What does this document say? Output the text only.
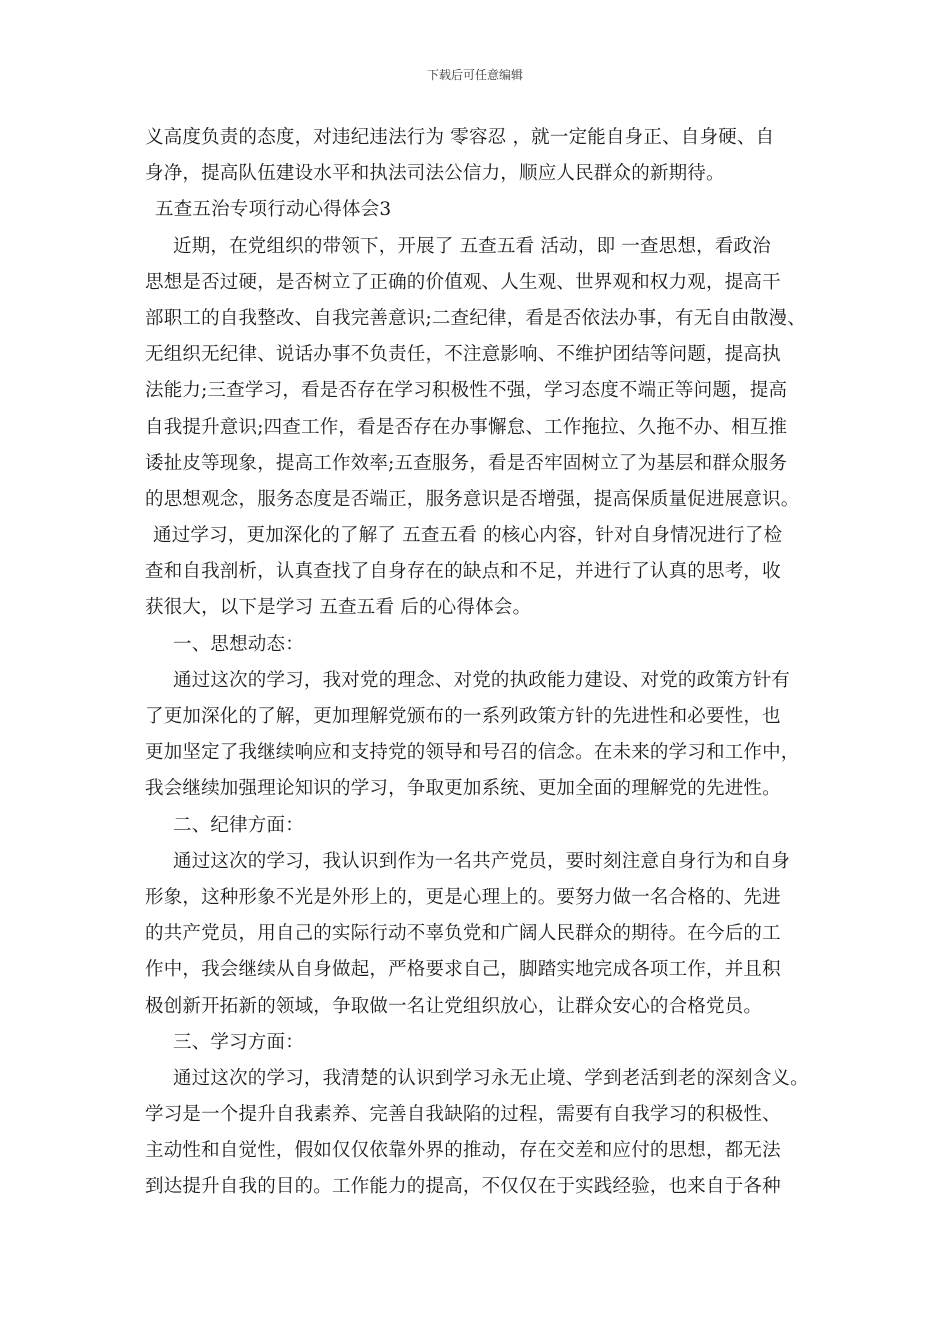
下载后可任意编辑
义高度负责的态度，对违纪违法行为 零容忍 ，就一定能自身正、自身硬、自
身净，提高队伍建设水平和执法司法公信力，顺应人民群众的新期待。
五查五治专项行动心得体会3
近期，在党组织的带领下，开展了 五查五看 活动，即 一查思想，看政治
思想是否过硬，是否树立了正确的价值观、人生观、世界观和权力观，提高干
部职工的自我整改、自我完善意识;二查纪律，看是否依法办事，有无自由散漫、
无组织无纪律、说话办事不负责任，不注意影响、不维护团结等问题，提高执
法能力;三查学习，看是否存在学习积极性不强，学习态度不端正等问题，提高
自我提升意识;四查工作，看是否存在办事懈怠、工作拖拉、久拖不办、相互推
诿扯皮等现象，提高工作效率;五查服务，看是否牢固树立了为基层和群众服务
的思想观念，服务态度是否端正，服务意识是否增强，提高保质量促进展意识。
通过学习，更加深化的了解了 五查五看 的核心内容，针对自身情况进行了检
查和自我剖析，认真查找了自身存在的缺点和不足，并进行了认真的思考，收
获很大，以下是学习 五查五看 后的心得体会。
一、思想动态：
通过这次的学习，我对党的理念、对党的执政能力建设、对党的政策方针有
了更加深化的了解，更加理解党颁布的一系列政策方针的先进性和必要性，也
更加坚定了我继续响应和支持党的领导和号召的信念。在未来的学习和工作中，
我会继续加强理论知识的学习，争取更加系统、更加全面的理解党的先进性。
二、纪律方面：
通过这次的学习，我认识到作为一名共产党员，要时刻注意自身行为和自身
形象，这种形象不光是外形上的，更是心理上的。要努力做一名合格的、先进
的共产党员，用自己的实际行动不辜负党和广阔人民群众的期待。在今后的工
作中，我会继续从自身做起，严格要求自己，脚踏实地完成各项工作，并且积
极创新开拓新的领域，争取做一名让党组织放心，让群众安心的合格党员。
三、学习方面：
通过这次的学习，我清楚的认识到学习永无止境、学到老活到老的深刻含义。
学习是一个提升自我素养、完善自我缺陷的过程，需要有自我学习的积极性、
主动性和自觉性，假如仅仅依靠外界的推动，存在交差和应付的思想，都无法
到达提升自我的目的。工作能力的提高，不仅仅在于实践经验，也来自于各种
